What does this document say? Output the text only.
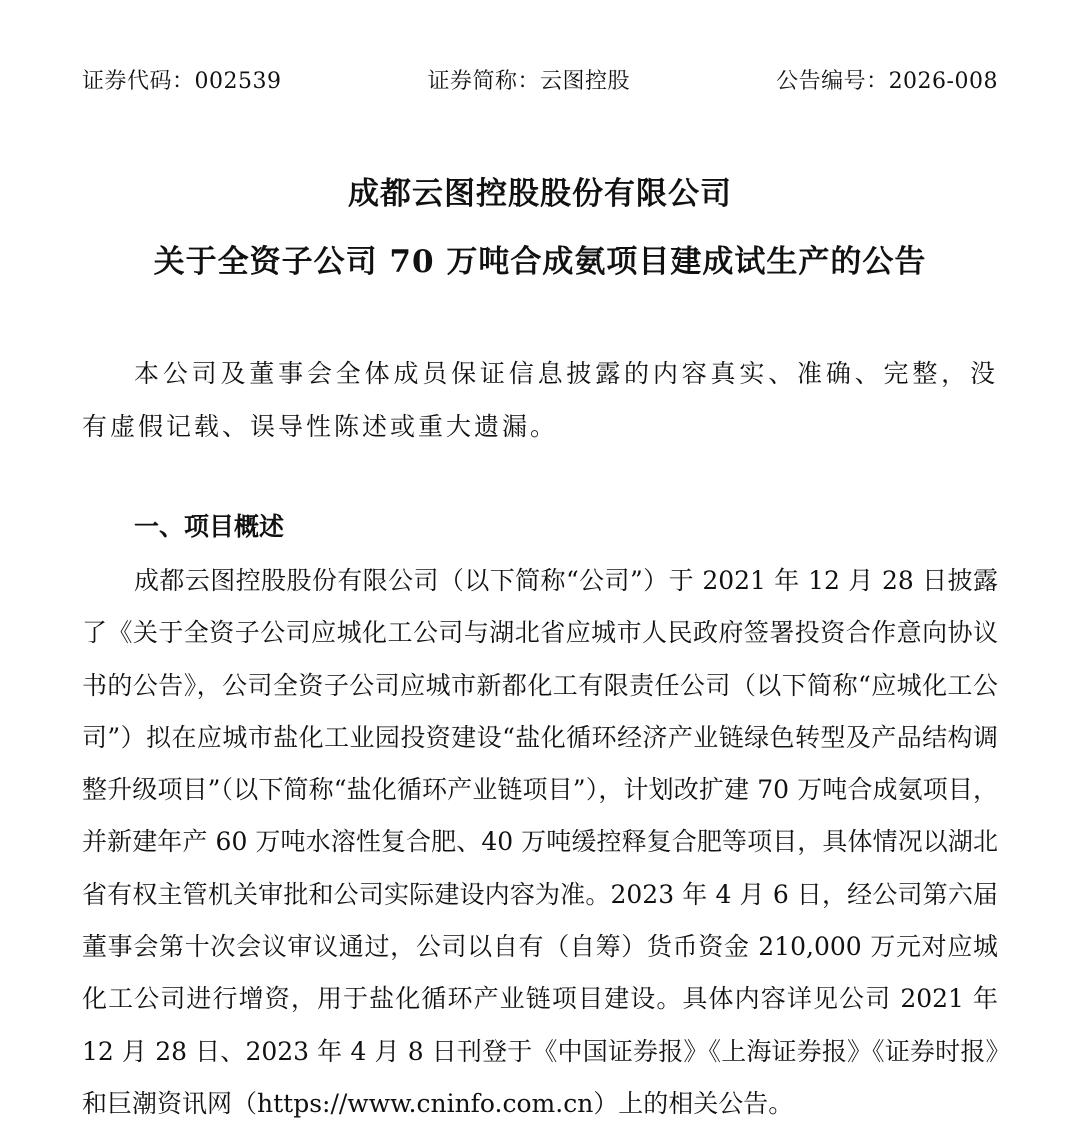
证券代码：002539	证券简称：云图控股	公告编号：2026-008
成都云图控股股份有限公司
关于全资子公司 70 万吨合成氨项目建成试生产的公告
本公司及董事会全体成员保证信息披露的内容真实、准确、完整，没有虚假记载、误导性陈述或重大遗漏。
一、项目概述
成都云图控股股份有限公司（以下简称“公司”）于 2021 年 12 月 28 日披露了《关于全资子公司应城化工公司与湖北省应城市人民政府签署投资合作意向协议书的公告》，公司全资子公司应城市新都化工有限责任公司（以下简称“应城化工公司”）拟在应城市盐化工业园投资建设“盐化循环经济产业链绿色转型及产品结构调整升级项目”（以下简称“盐化循环产业链项目”），计划改扩建 70 万吨合成氨项目，并新建年产 60 万吨水溶性复合肥、40 万吨缓控释复合肥等项目，具体情况以湖北省有权主管机关审批和公司实际建设内容为准。2023 年 4 月 6 日，经公司第六届董事会第十次会议审议通过，公司以自有（自筹）货币资金 210,000 万元对应城化工公司进行增资，用于盐化循环产业链项目建设。具体内容详见公司 2021 年 12 月 28 日、2023 年 4 月 8 日刊登于《中国证券报》《上海证券报》《证券时报》和巨潮资讯网（https://www.cninfo.com.cn）上的相关公告。
